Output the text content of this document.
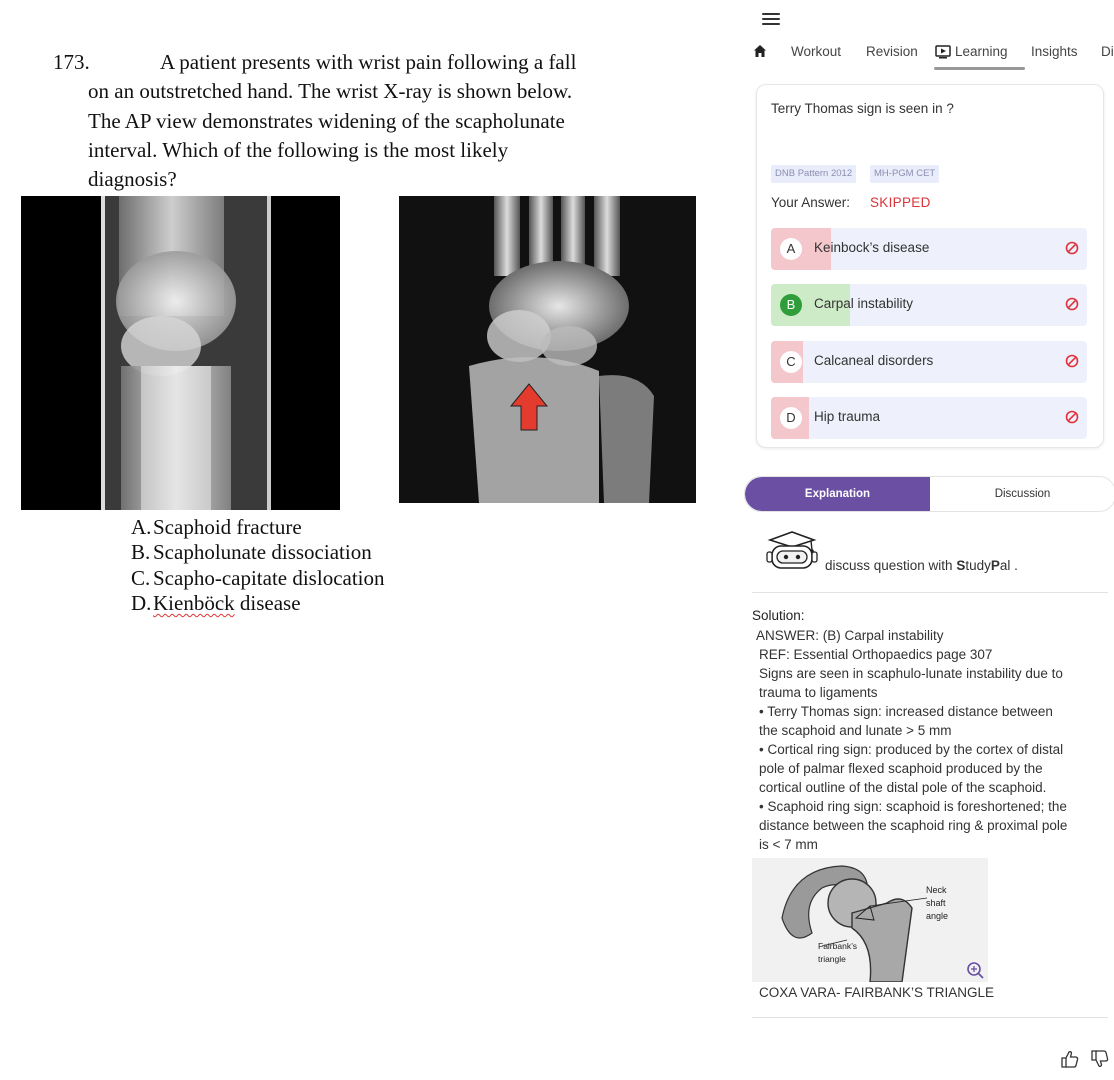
173.	A patient presents with wrist pain following a fall
on an outstretched hand. The wrist X-ray is shown below.
The AP view demonstrates widening of the scapholunate
interval. Which of the following is the most likely
diagnosis?
A.Scaphoid fracture
B. Scapholunate dissociation
C. Scapho-capitate dislocation
D.Kienböck disease
Workout Revision	Learning Insights Di
Terry Thomas sign is seen in ?
DNB Pattern 2012	MH-PGM CET
Your Answer: SKIPPED
A	Keinbock’s disease
B	Carpal instability
C	Calcaneal disorders
D	Hip trauma
Explanation	Discussion
discuss question with StudyPal .
Solution:
ANSWER: (B) Carpal instability
REF: Essential Orthopaedics page 307
Signs are seen in scaphulo-lunate instability due to
trauma to ligaments
• Terry Thomas sign: increased distance between
the scaphoid and lunate > 5 mm
• Cortical ring sign: produced by the cortex of distal
pole of palmar flexed scaphoid produced by the
cortical outline of the distal pole of the scaphoid.
• Scaphoid ring sign: scaphoid is foreshortened; the
distance between the scaphoid ring & proximal pole
is < 7 mm
Neck
shaft
angle
Fairbank’s
triangle
COXA VARA- FAIRBANK’S TRIANGLE
